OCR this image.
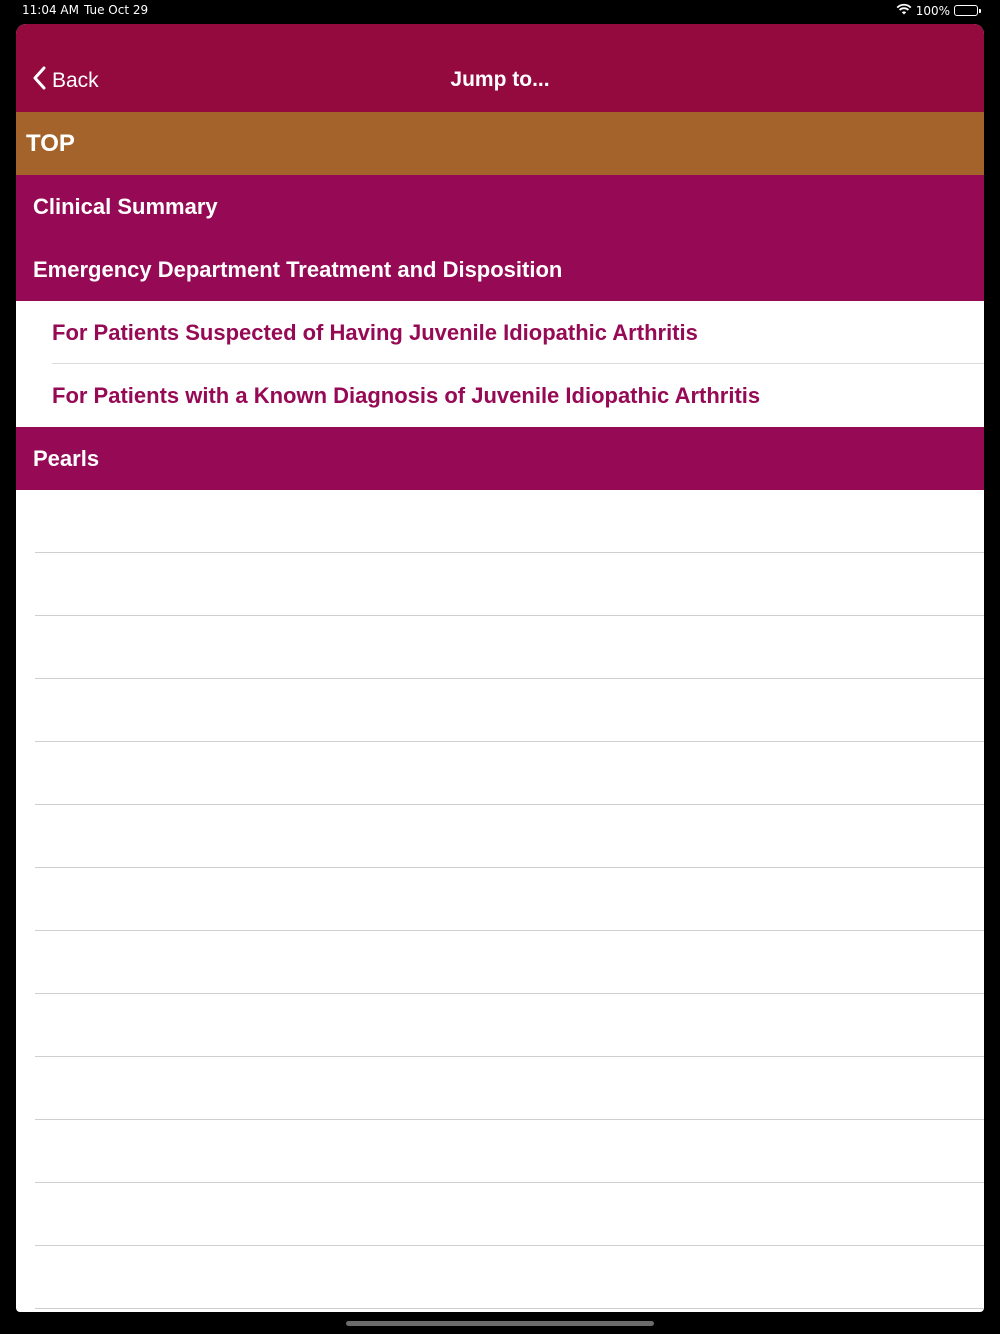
11:04 AM Tue Oct 29	100%
Back	Jump to...
TOP
Clinical Summary
Emergency Department Treatment and Disposition
For Patients Suspected of Having Juvenile Idiopathic Arthritis
For Patients with a Known Diagnosis of Juvenile Idiopathic Arthritis
Pearls
